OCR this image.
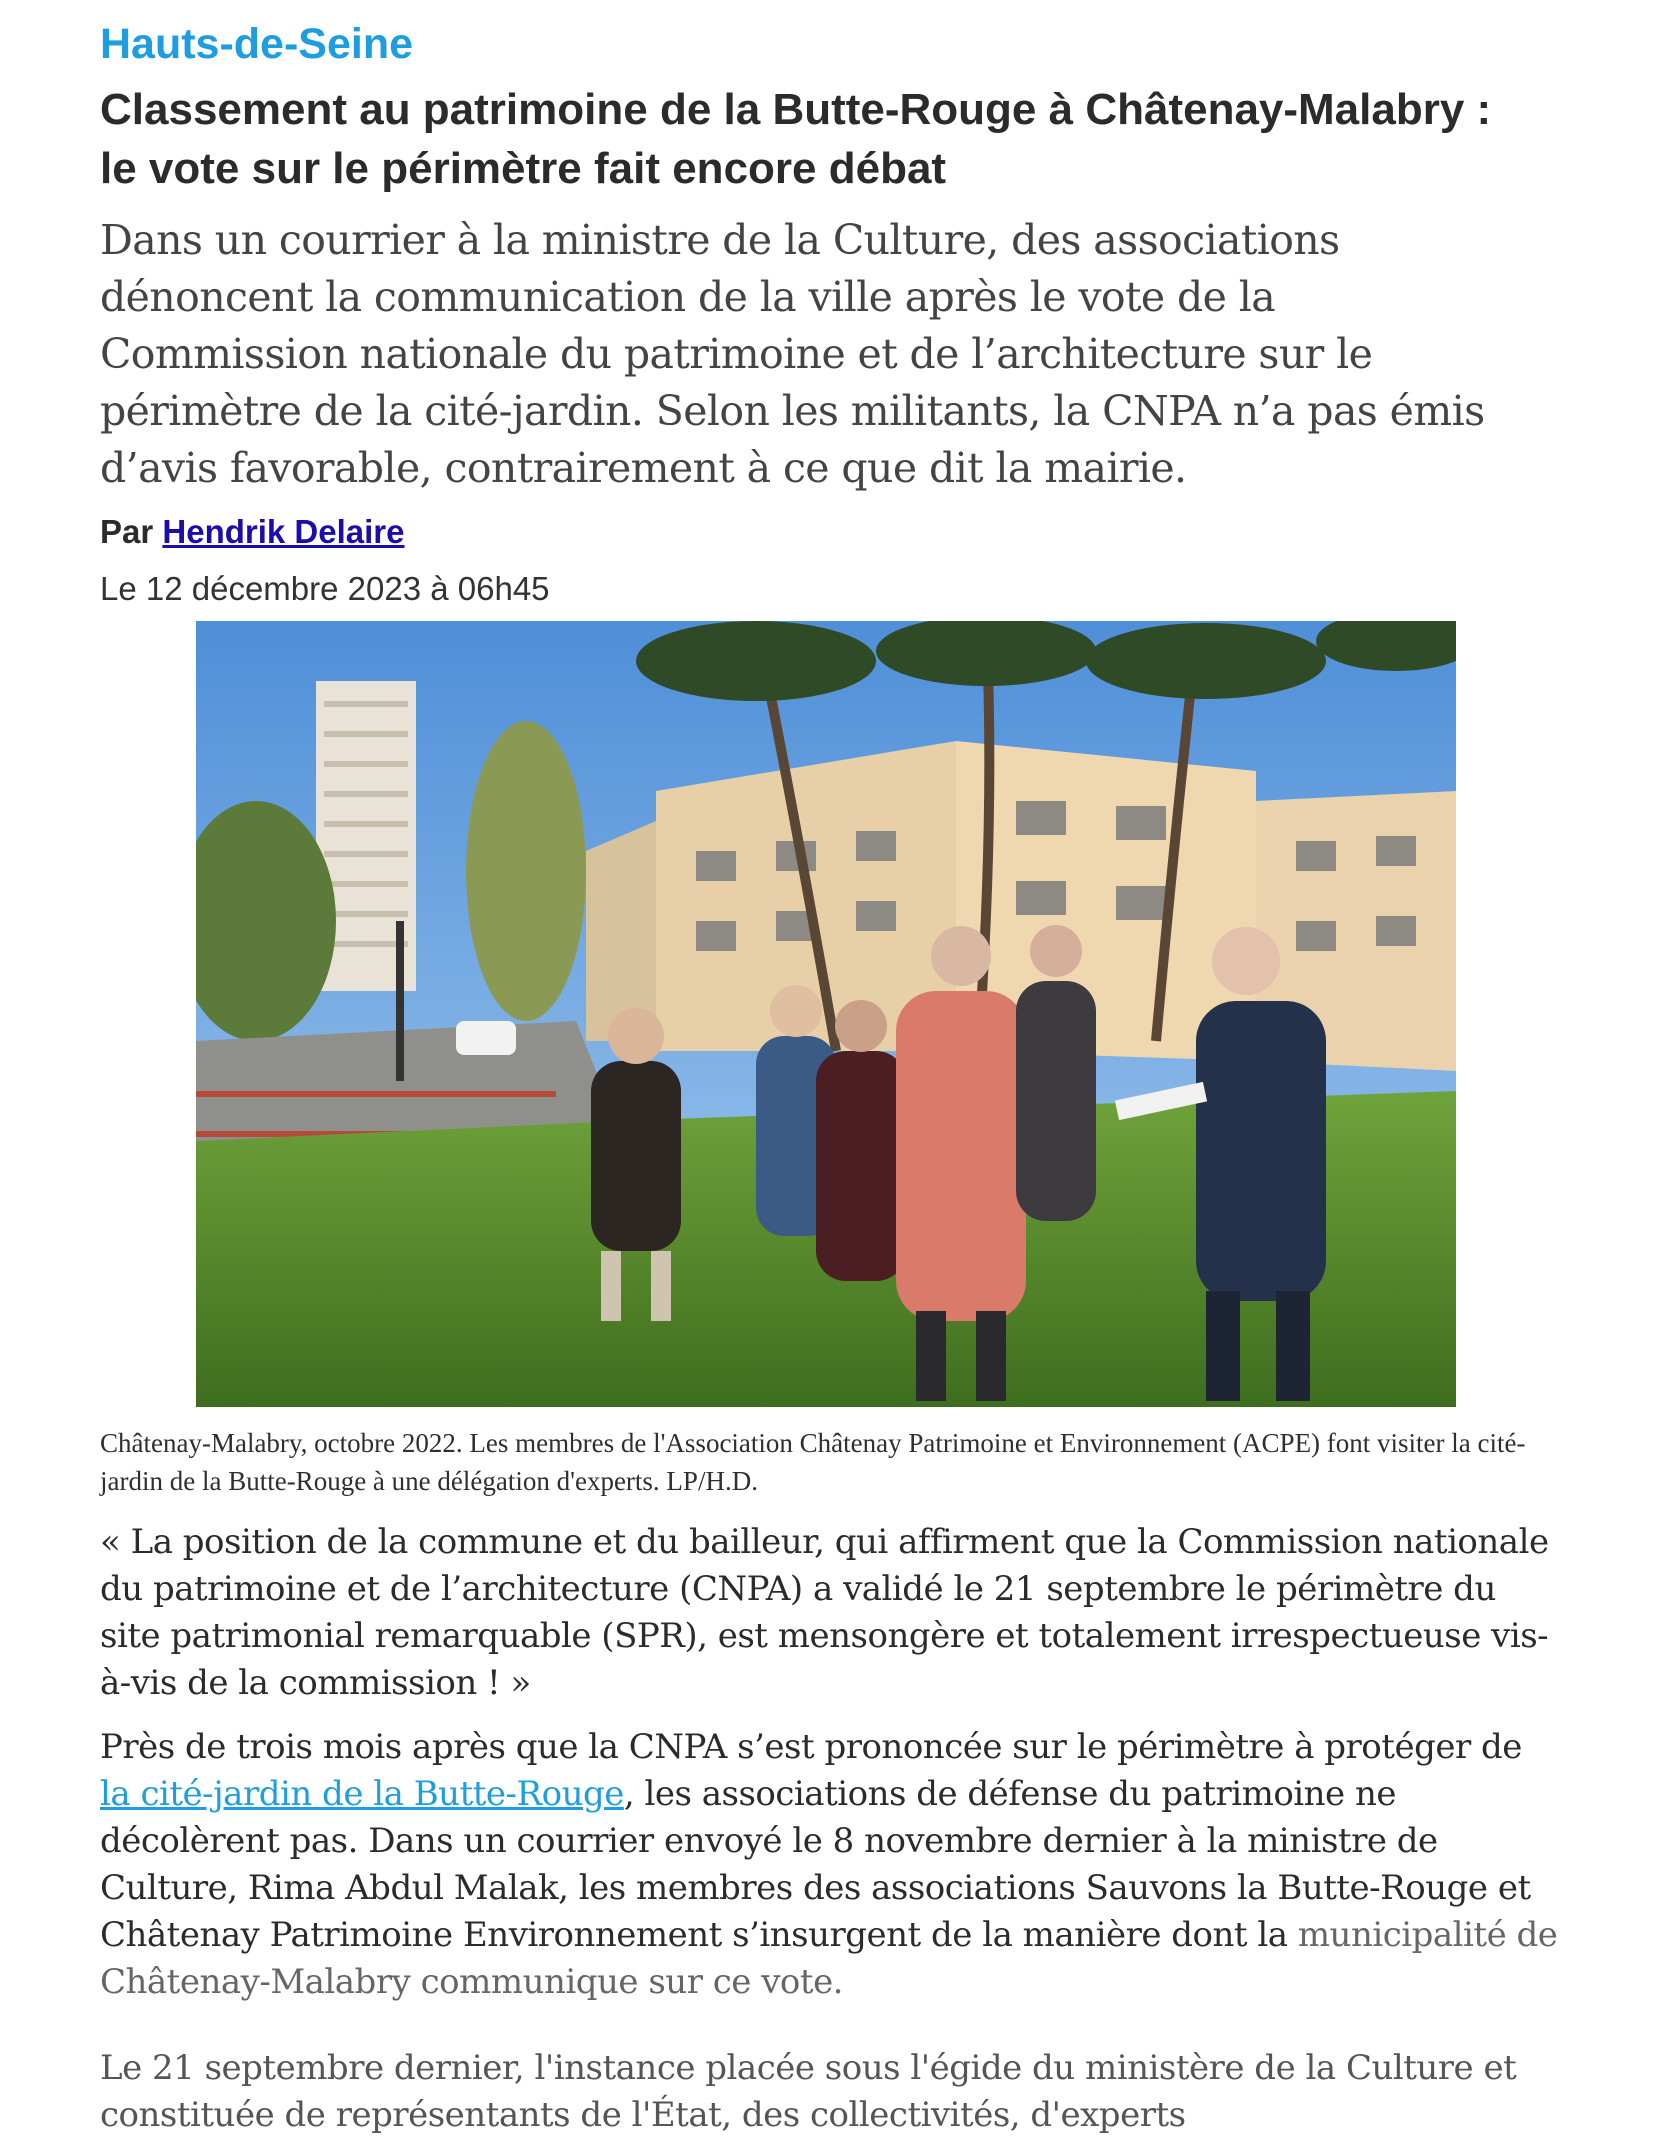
Hauts-de-Seine
Classement au patrimoine de la Butte-Rouge à Châtenay-Malabry : le vote sur le périmètre fait encore débat
Dans un courrier à la ministre de la Culture, des associations dénoncent la communication de la ville après le vote de la Commission nationale du patrimoine et de l’architecture sur le périmètre de la cité-jardin. Selon les militants, la CNPA n’a pas émis d’avis favorable, contrairement à ce que dit la mairie.
Par Hendrik Delaire
Le 12 décembre 2023 à 06h45
Châtenay-Malabry, octobre 2022. Les membres de l'Association Châtenay Patrimoine et Environnement (ACPE) font visiter la cité-jardin de la Butte-Rouge à une délégation d'experts. LP/H.D.
« La position de la commune et du bailleur, qui affirment que la Commission nationale du patrimoine et de l’architecture (CNPA) a validé le 21 septembre le périmètre du site patrimonial remarquable (SPR), est mensongère et totalement irrespectueuse vis-à-vis de la commission ! »
Près de trois mois après que la CNPA s’est prononcée sur le périmètre à protéger de la cité-jardin de la Butte-Rouge, les associations de défense du patrimoine ne décolèrent pas. Dans un courrier envoyé le 8 novembre dernier à la ministre de Culture, Rima Abdul Malak, les membres des associations Sauvons la Butte-Rouge et Châtenay Patrimoine Environnement s’insurgent de la manière dont la municipalité de Châtenay-Malabry communique sur ce vote.
Le 21 septembre dernier, l'instance placée sous l'égide du ministère de la Culture et constituée de représentants de l'État, des collectivités, d'experts
